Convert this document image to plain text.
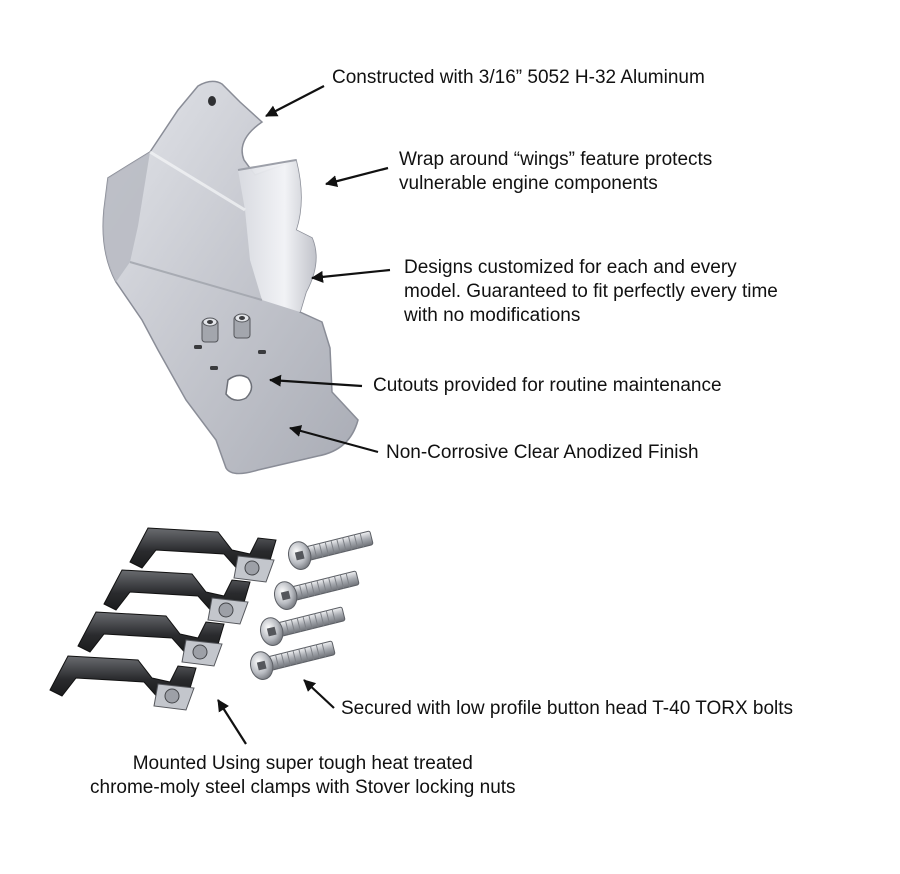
Constructed with 3/16” 5052 H-32 Aluminum

Wrap around “wings” feature protects
vulnerable engine components

Designs customized for each and every
model. Guaranteed to fit perfectly every time
with no modifications

Cutouts provided for routine maintenance

Non-Corrosive Clear Anodized Finish

Secured with low profile button head T-40 TORX bolts

Mounted Using super tough heat treated
chrome-moly steel clamps with Stover locking nuts
